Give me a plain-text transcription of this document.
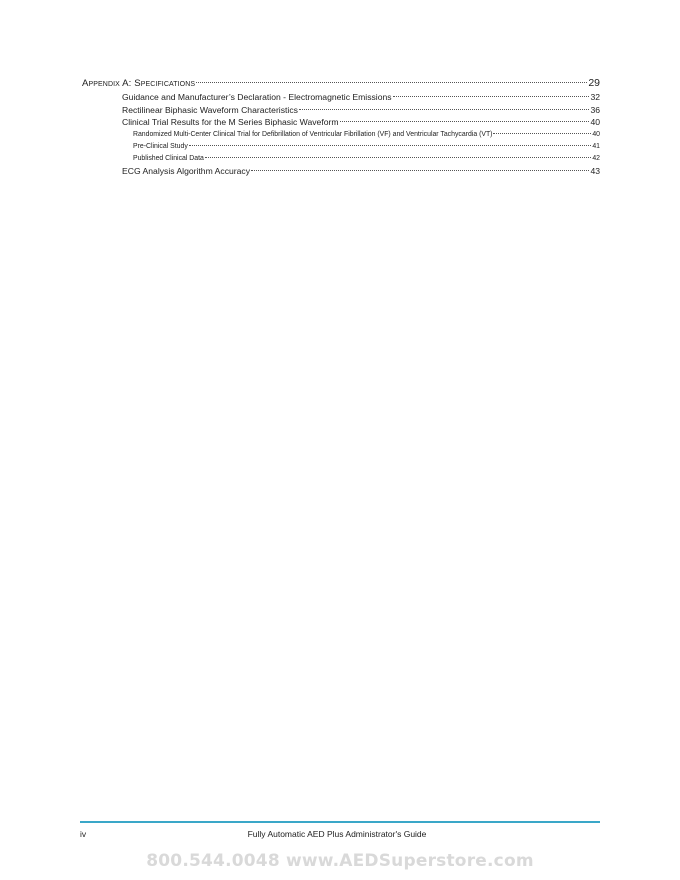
Appendix A: Specifications	29
Guidance and Manufacturer’s Declaration - Electromagnetic Emissions	32
Rectilinear Biphasic Waveform Characteristics	36
Clinical Trial Results for the M Series Biphasic Waveform	40
Randomized Multi-Center Clinical Trial for Defibrillation of Ventricular Fibrillation (VF) and Ventricular Tachycardia (VT)	40
Pre-Clinical Study	41
Published Clinical Data	42
ECG Analysis Algorithm Accuracy	43
iv	Fully Automatic AED Plus Administrator's Guide
800.544.0048 www.AEDSuperstore.com
